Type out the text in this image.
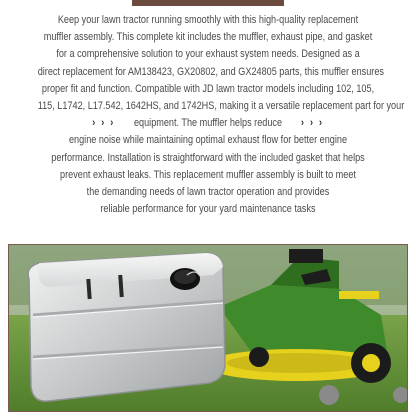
Keep your lawn tractor running smoothly with this high-quality replacement
muffler assembly. This complete kit includes the muffler, exhaust pipe, and gasket
for a comprehensive solution to your exhaust system needs. Designed as a
direct replacement for AM138423, GX20802, and GX24805 parts, this muffler ensures
proper fit and function. Compatible with JD lawn tractor models including 102, 105,
115, L1742, L17.542, 1642HS, and 1742HS, making it a versatile replacement part for your
› › › equipment. The muffler helps reduce › › ›
engine noise while maintaining optimal exhaust flow for better engine
performance. Installation is straightforward with the included gasket that helps
prevent exhaust leaks. This replacement muffler assembly is built to meet
the demanding needs of lawn tractor operation and provides
reliable performance for your yard maintenance tasks
